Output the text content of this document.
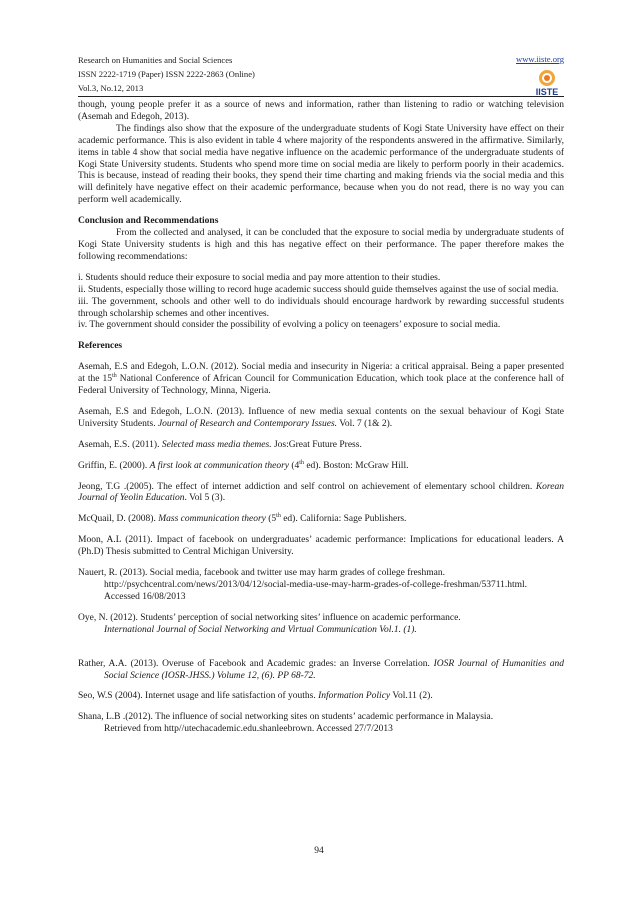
Research on Humanities and Social Sciences
ISSN 2222-1719 (Paper) ISSN 2222-2863 (Online)
Vol.3, No.12, 2013
www.iiste.org
IISTE
though, young people prefer it as a source of news and information, rather than listening to radio or watching television (Asemah and Edegoh, 2013).
The findings also show that the exposure of the undergraduate students of Kogi State University have effect on their academic performance. This is also evident in table 4 where majority of the respondents answered in the affirmative. Similarly, items in table 4 show that social media have negative influence on the academic performance of the undergraduate students of Kogi State University students. Students who spend more time on social media are likely to perform poorly in their academics. This is because, instead of reading their books, they spend their time charting and making friends via the social media and this will definitely have negative effect on their academic performance, because when you do not read, there is no way you can perform well academically.
Conclusion and Recommendations
From the collected and analysed, it can be concluded that the exposure to social media by undergraduate students of Kogi State University students is high and this has negative effect on their performance. The paper therefore makes the following recommendations:
i. Students should reduce their exposure to social media and pay more attention to their studies.
ii. Students, especially those willing to record huge academic success should guide themselves against the use of social media.
iii. The government, schools and other well to do individuals should encourage hardwork by rewarding successful students through scholarship schemes and other incentives.
iv. The government should consider the possibility of evolving a policy on teenagers’ exposure to social media.
References
Asemah, E.S and Edegoh, L.O.N. (2012). Social media and insecurity in Nigeria: a critical appraisal. Being a paper presented at the 15th National Conference of African Council for Communication Education, which took place at the conference hall of Federal University of Technology, Minna, Nigeria.
Asemah, E.S and Edegoh, L.O.N. (2013). Influence of new media sexual contents on the sexual behaviour of Kogi State University Students. Journal of Research and Contemporary Issues. Vol. 7 (1& 2).
Asemah, E.S. (2011). Selected mass media themes. Jos:Great Future Press.
Griffin, E. (2000). A first look at communication theory (4th ed). Boston: McGraw Hill.
Jeong, T.G .(2005). The effect of internet addiction and self control on achievement of elementary school children. Korean Journal of Yeolin Education. Vol 5 (3).
McQuail, D. (2008). Mass communication theory (5th ed). California: Sage Publishers.
Moon, A.L (2011). Impact of facebook on undergraduates’ academic performance: Implications for educational leaders. A (Ph.D) Thesis submitted to Central Michigan University.
Nauert, R. (2013). Social media, facebook and twitter use may harm grades of college freshman.
http://psychcentral.com/news/2013/04/12/social-media-use-may-harm-grades-of-college-freshman/53711.html. Accessed 16/08/2013
Oye, N. (2012). Students’ perception of social networking sites’ influence on academic performance.
International Journal of Social Networking and Virtual Communication Vol.1. (1).
Rather, A.A. (2013). Overuse of Facebook and Academic grades: an Inverse Correlation. IOSR Journal of Humanities and Social Science (IOSR-JHSS.) Volume 12, (6). PP 68-72.
Seo, W.S (2004). Internet usage and life satisfaction of youths. Information Policy Vol.11 (2).
Shana, L.B .(2012). The influence of social networking sites on students’ academic performance in Malaysia.
Retrieved from http//utechacademic.edu.shanleebrown. Accessed 27/7/2013
94
